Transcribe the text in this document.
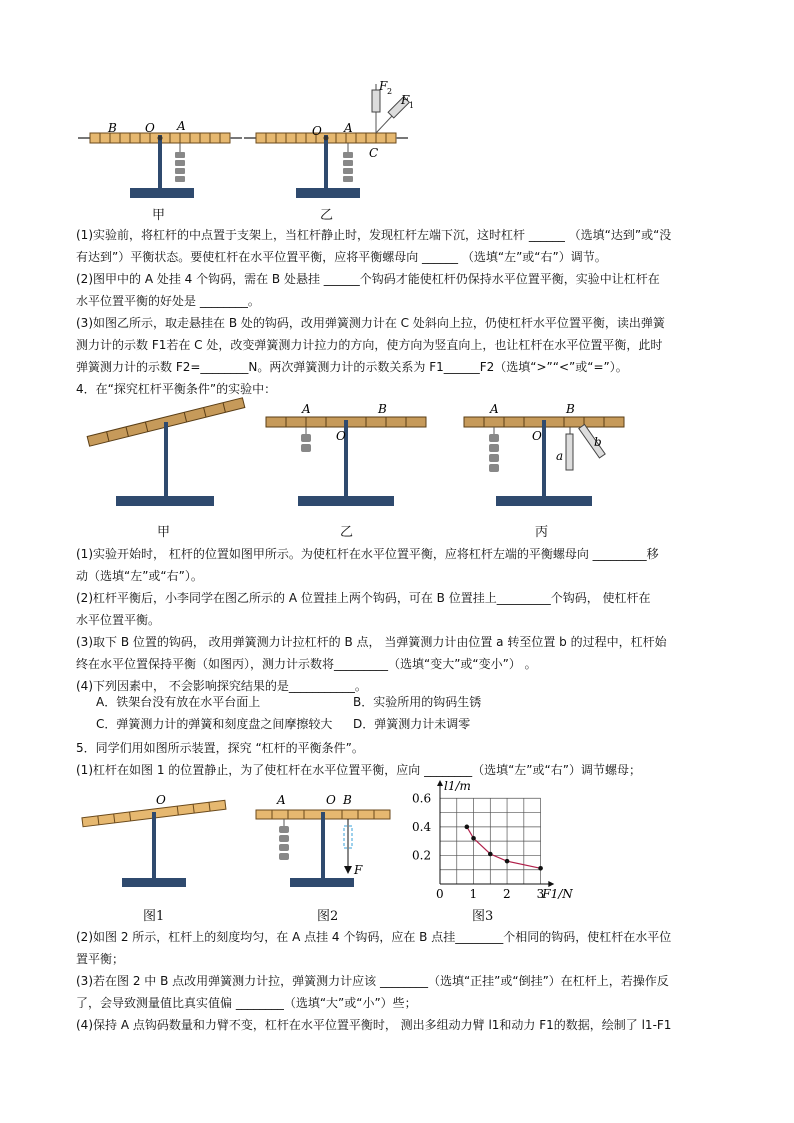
B O A	O A
C
F 2
F 1
甲	乙
(1)实验前，将杠杆的中点置于支架上，当杠杆静止时，发现杠杆左端下沉，这时杠杆 ______ （选填“达到”或“没
有达到”）平衡状态。要使杠杆在水平位置平衡，应将平衡螺母向 ______ （选填“左”或“右”）调节。
(2)图甲中的 A 处挂 4 个钩码，需在 B 处悬挂 ______个钩码才能使杠杆仍保持水平位置平衡，实验中让杠杆在
水平位置平衡的好处是 ________。
(3)如图乙所示，取走悬挂在 B 处的钩码，改用弹簧测力计在 C 处斜向上拉，仍使杠杆水平位置平衡，读出弹簧
测力计的示数 F1若在 C 处，改变弹簧测力计拉力的方向，使方向为竖直向上，也让杠杆在水平位置平衡，此时
弹簧测力计的示数 F2=________N。两次弹簧测力计的示数关系为 F1______F2（选填“>”“<”或“=”）。
4．在“探究杠杆平衡条件”的实验中：
A	B
O
A	B
O
a
b
甲	乙	丙
(1)实验开始时， 杠杆的位置如图甲所示。为使杠杆在水平位置平衡，应将杠杆左端的平衡螺母向 _________移
动（选填“左”或“右”）。
(2)杠杆平衡后，小李同学在图乙所示的 A 位置挂上两个钩码，可在 B 位置挂上_________个钩码， 使杠杆在
水平位置平衡。
(3)取下 B 位置的钩码， 改用弹簧测力计拉杠杆的 B 点， 当弹簧测力计由位置 a 转至位置 b 的过程中，杠杆始
终在水平位置保持平衡（如图丙），测力计示数将_________（选填“变大”或“变小”） 。
(4)下列因素中， 不会影响探究结果的是___________。
A．铁架台没有放在水平台面上	B．实验所用的钩码生锈
C．弹簧测力计的弹簧和刻度盘之间摩擦较大 D．弹簧测力计未调零
5．同学们用如图所示装置，探究 “杠杆的平衡条件”。
(1)杠杆在如图 1 的位置静止，为了使杠杆在水平位置平衡，应向 ________（选填“左”或“右”）调节螺母；
O	A	O B
F
图1	图2
0 1 2 3
0.2
0.4
0.6
F1/N
l1/m
图3
(2)如图 2 所示，杠杆上的刻度均匀，在 A 点挂 4 个钩码，应在 B 点挂________个相同的钩码，使杠杆在水平位
置平衡；
(3)若在图 2 中 B 点改用弹簧测力计拉，弹簧测力计应该 ________（选填“正挂”或“倒挂”）在杠杆上，若操作反
了，会导致测量值比真实值偏 ________（选填“大”或“小”）些；
(4)保持 A 点钩码数量和力臂不变，杠杆在水平位置平衡时， 测出多组动力臂 l1和动力 F1的数据，绘制了 l1-F1
